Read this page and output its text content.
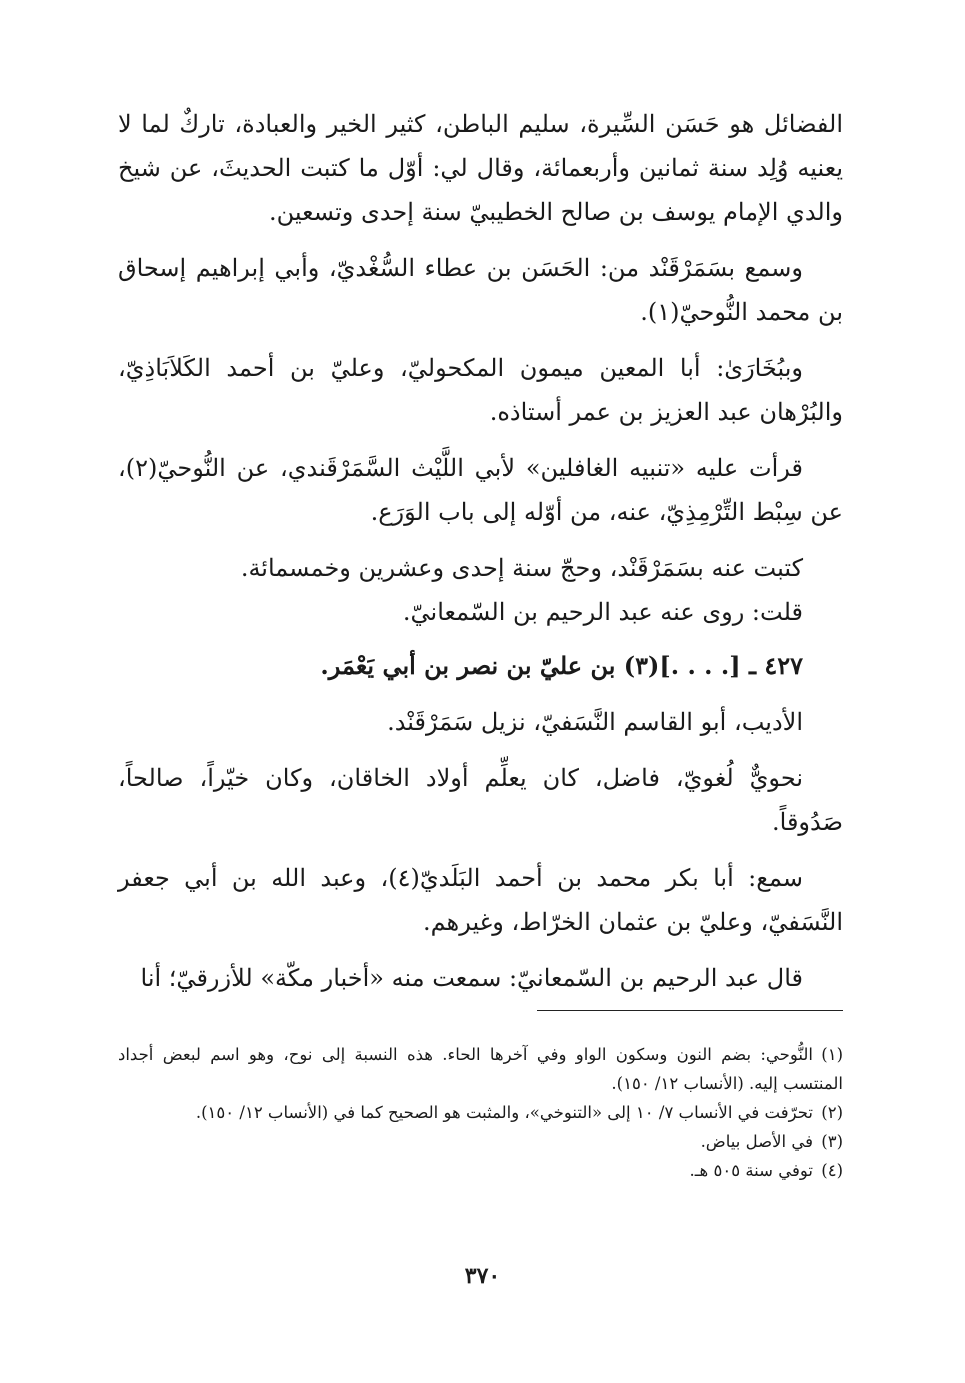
الفضائل هو حَسَن السِّيرة، سليم الباطن، كثير الخير والعبادة، تاركٌ لما لا يعنيه وُلِد سنة ثمانين وأربعمائة، وقال لي: أوّل ما كتبت الحديثَ، عن شيخ والدي الإمام يوسف بن صالح الخطيبيّ سنة إحدى وتسعين.

وسمع بسَمَرْقَنْد من: الحَسَن بن عطاء السُّغْديّ، وأبي إبراهيم إسحاق بن محمد النُّوحيّ(١).

وببُخَارَىٰ: أبا المعين ميمون المكحوليّ، وعليّ بن أحمد الكَلاَبَاذِيّ، والبُرْهان عبد العزيز بن عمر أستاذه.

قرأت عليه «تنبيه الغافلين» لأبي اللَّيْث السَّمَرْقَندي، عن النُّوحيّ(٢)، عن سِبْط التِّرْمِذِيّ، عنه، من أوّله إلى باب الوَرَع.

كتبت عنه بسَمَرْقَنْد، وحجّ سنة إحدى وعشرين وخمسمائة.

قلت: روى عنه عبد الرحيم بن السّمعانيّ.

٤٢٧ ـ [. . . .](٣) بن عليّ بن نصر بن أبي يَعْمَر.

الأديب، أبو القاسم النَّسَفيّ، نزيل سَمَرْقَنْد.

نحويٌّ لُغويّ، فاضل، كان يعلِّم أولاد الخاقان، وكان خيّراً، صالحاً، صَدُوقاً.

سمع: أبا بكر محمد بن أحمد البَلَديّ(٤)، وعبد الله بن أبي جعفر النَّسَفيّ، وعليّ بن عثمان الخرّاط، وغيرهم.

قال عبد الرحيم بن السّمعانيّ: سمعت منه «أخبار مكّة» للأزرقيّ؛ أنا

(١)النُّوحي: بضم النون وسكون الواو وفي آخرها الحاء. هذه النسبة إلى نوح، وهو اسم لبعض أجداد المنتسب إليه. (الأنساب ١٢/ ١٥٠).

(٢)تحرّفت في الأنساب ٧/ ١٠ إلى «التنوخي»، والمثبت هو الصحيح كما في (الأنساب ١٢/ ١٥٠).

(٣)في الأصل بياض.

(٤)توفي سنة ٥٠٥ هـ.

٣٧٠
